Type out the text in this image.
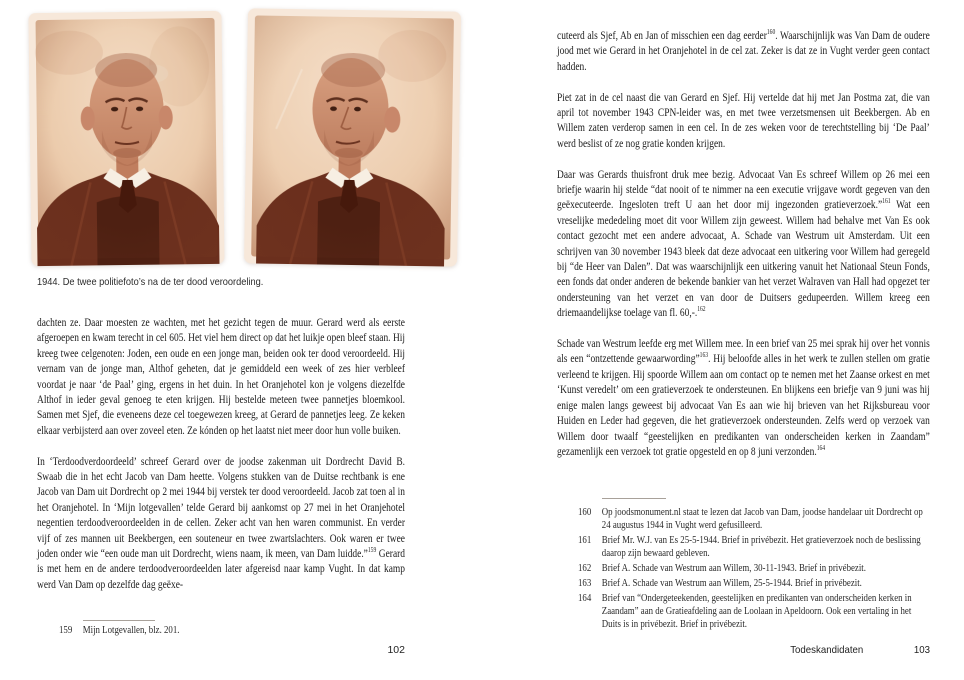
1944. De twee politiefoto’s na de ter dood veroordeling.

dachten ze. Daar moesten ze wachten, met het gezicht tegen de muur. Gerard werd als eerste afgeroepen en kwam terecht in cel 605. Het viel hem direct op dat het luikje open bleef staan. Hij kreeg twee celgenoten: Joden, een oude en een jonge man, beiden ook ter dood veroordeeld. Hij vernam van de jonge man, Althof geheten, dat je gemiddeld een week of zes hier verbleef voordat je naar ‘de Paal’ ging, ergens in het duin. In het Oranjehotel kon je volgens diezelfde Althof in ieder geval genoeg te eten krijgen. Hij bestelde meteen twee pannetjes bloemkool. Samen met Sjef, die eveneens deze cel toegewezen kreeg, at Gerard de pannetjes leeg. Ze keken elkaar verbijsterd aan over zoveel eten. Ze kónden op het laatst niet meer door hun volle buiken.

In ‘Terdoodverdoordeeld’ schreef Gerard over de joodse zakenman uit Dordrecht David B. Swaab die in het echt Jacob van Dam heette. Volgens stukken van de Duitse rechtbank is ene Jacob van Dam uit Dordrecht op 2 mei 1944 bij verstek ter dood veroordeeld. Jacob zat toen al in het Oranjehotel. In ‘Mijn lotgevallen’ telde Gerard bij aankomst op 27 mei in het Oranjehotel negentien terdoodveroordeelden in de cellen. Zeker acht van hen waren communist. En verder vijf of zes mannen uit Beekbergen, een souteneur en twee zwartslachters. Ook waren er twee joden onder wie “een oude man uit Dordrecht, wiens naam, ik meen, van Dam luidde.”$^{159}$ Gerard is met hem en de andere terdoodveroordeelden later afgereisd naar kamp Vught. In dat kamp werd Van Dam op dezelfde dag geëxe-

159	Mijn Lotgevallen, blz. 201.
102

cuteerd als Sjef, Ab en Jan of misschien een dag eerder$^{160}$. Waarschijnlijk was Van Dam de oudere jood met wie Gerard in het Oranjehotel in de cel zat. Zeker is dat ze in Vught verder geen contact hadden.

Piet zat in de cel naast die van Gerard en Sjef. Hij vertelde dat hij met Jan Postma zat, die van april tot november 1943 CPN-leider was, en met twee verzetsmensen uit Beekbergen. Ab en Willem zaten verderop samen in een cel. In de zes weken voor de terechtstelling bij ‘De Paal’ werd beslist of ze nog gratie konden krijgen.

Daar was Gerards thuisfront druk mee bezig. Advocaat Van Es schreef Willem op 26 mei een briefje waarin hij stelde “dat nooit of te nimmer na een executie vrijgave wordt gegeven van den geëxecuteerde. Ingesloten treft U aan het door mij ingezonden gratieverzoek.”$^{161}$ Wat een vreselijke mededeling moet dit voor Willem zijn geweest. Willem had behalve met Van Es ook contact gezocht met een andere advocaat, A. Schade van Westrum uit Amsterdam. Uit een schrijven van 30 november 1943 bleek dat deze advocaat een uitkering voor Willem had geregeld bij “de Heer van Dalen”. Dat was waarschijnlijk een uitkering vanuit het Nationaal Steun Fonds, een fonds dat onder anderen de bekende bankier van het verzet Walraven van Hall had opgezet ter ondersteuning van het verzet en van door de Duitsers gedupeerden. Willem kreeg een driemaandelijkse toelage van fl. 60,-.$^{162}$

Schade van Westrum leefde erg met Willem mee. In een brief van 25 mei sprak hij over het vonnis als een “ontzettende gewaarwording”$^{163}$. Hij beloofde alles in het werk te zullen stellen om gratie verleend te krijgen. Hij spoorde Willem aan om contact op te nemen met het Zaanse orkest en met ‘Kunst veredelt’ om een gratieverzoek te ondersteunen. En blijkens een briefje van 9 juni was hij enige malen langs geweest bij advocaat Van Es aan wie hij brieven van het Rijksbureau voor Huiden en Leder had gegeven, die het gratieverzoek ondersteunden. Zelfs werd op verzoek van Willem door twaalf “geestelijken en predikanten van onderscheiden kerken in Zaandam” gezamenlijk een verzoek tot gratie opgesteld en op 8 juni verzonden.$^{164}$

160	Op joodsmonument.nl staat te lezen dat Jacob van Dam, joodse handelaar uit Dordrecht op 24 augustus 1944 in Vught werd gefusilleerd.
161	Brief Mr. W.J. van Es 25-5-1944. Brief in privébezit. Het gratieverzoek noch de beslissing daarop zijn bewaard gebleven.
162	Brief A. Schade van Westrum aan Willem, 30-11-1943. Brief in privébezit.
163	Brief A. Schade van Westrum aan Willem, 25-5-1944. Brief in privébezit.
164	Brief van “Ondergeteekenden, geestelijken en predikanten van onderscheiden kerken in Zaandam” aan de Gratieafdeling aan de Loolaan in Apeldoorn. Ook een vertaling in het Duits is in privébezit. Brief in privébezit.
Todeskandidaten	103
